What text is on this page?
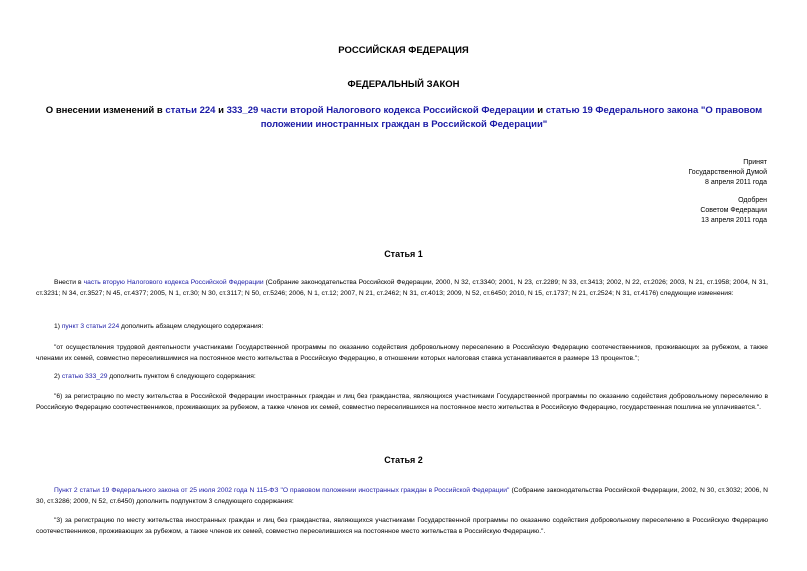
РОССИЙСКАЯ ФЕДЕРАЦИЯ
ФЕДЕРАЛЬНЫЙ ЗАКОН
О внесении изменений в статьи 224 и 333_29 части второй Налогового кодекса Российской Федерации и статью 19 Федерального закона "О правовом положении иностранных граждан в Российской Федерации"
Принят
Государственной Думой
8 апреля 2011 года
Одобрен
Советом Федерации
13 апреля 2011 года
Статья 1
Внести в часть вторую Налогового кодекса Российской Федерации (Собрание законодательства Российской Федерации, 2000, N 32, ст.3340; 2001, N 23, ст.2289; N 33, ст.3413; 2002, N 22, ст.2026; 2003, N 21, ст.1958; 2004, N 31, ст.3231; N 34, ст.3527; N 45, ст.4377; 2005, N 1, ст.30; N 30, ст.3117; N 50, ст.5246; 2006, N 1, ст.12; 2007, N 21, ст.2462; N 31, ст.4013; 2009, N 52, ст.6450; 2010, N 15, ст.1737; N 21, ст.2524; N 31, ст.4176) следующие изменения:
1) пункт 3 статьи 224 дополнить абзацем следующего содержания:
"от осуществления трудовой деятельности участниками Государственной программы по оказанию содействия добровольному переселению в Российскую Федерацию соотечественников, проживающих за рубежом, а также членами их семей, совместно переселившимися на постоянное место жительства в Российскую Федерацию, в отношении которых налоговая ставка устанавливается в размере 13 процентов.";
2) статью 333_29 дополнить пунктом 6 следующего содержания:
"6) за регистрацию по месту жительства в Российской Федерации иностранных граждан и лиц без гражданства, являющихся участниками Государственной программы по оказанию содействия добровольному переселению в Российскую Федерацию соотечественников, проживающих за рубежом, а также членов их семей, совместно переселившихся на постоянное место жительства в Российскую Федерацию, государственная пошлина не уплачивается.".
Статья 2
Пункт 2 статьи 19 Федерального закона от 25 июля 2002 года N 115-ФЗ "О правовом положении иностранных граждан в Российской Федерации" (Собрание законодательства Российской Федерации, 2002, N 30, ст.3032; 2006, N 30, ст.3286; 2009, N 52, ст.6450) дополнить подпунктом 3 следующего содержания:
"3) за регистрацию по месту жительства иностранных граждан и лиц без гражданства, являющихся участниками Государственной программы по оказанию содействия добровольному переселению в Российскую Федерацию соотечественников, проживающих за рубежом, а также членов их семей, совместно переселившихся на постоянное место жительства в Российскую Федерацию.".
